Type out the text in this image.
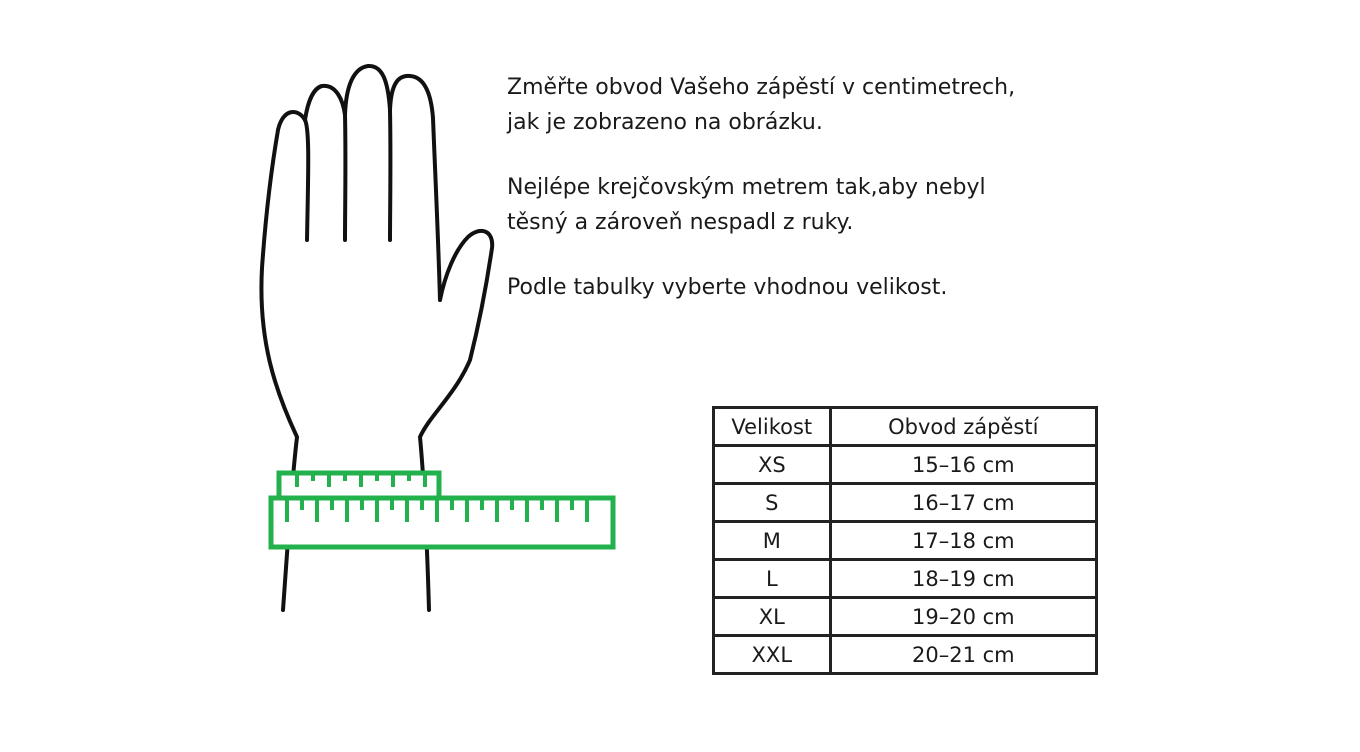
Změřte obvod Vašeho zápěstí v centimetrech,
jak je zobrazeno na obrázku.

Nejlépe krejčovským metrem tak,aby nebyl
těsný a zároveň nespadl z ruky.

Podle tabulky vyberte vhodnou velikost.

Velikost	Obvod zápěstí
XS	15–16 cm
S	16–17 cm
M	17–18 cm
L	18–19 cm
XL	19–20 cm
XXL	20–21 cm
